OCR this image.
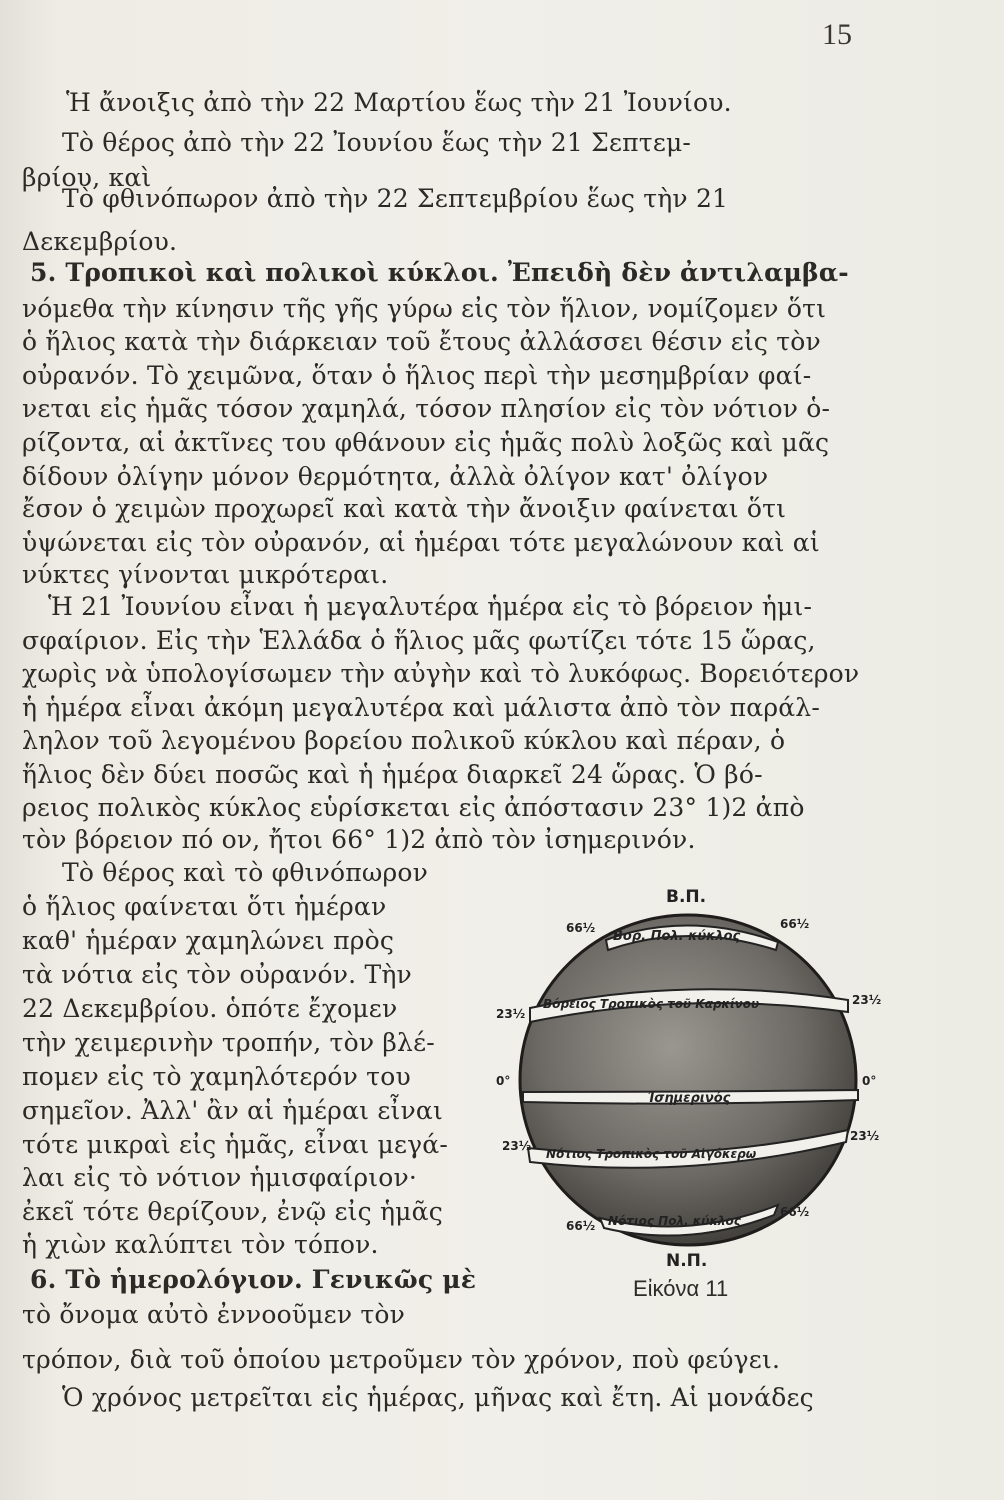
15
Ἡ ἄνοιξις ἀπὸ τὴν 22 Μαρτίου ἕως τὴν 21 Ἰουνίου.
Τὸ θέρος ἀπὸ τὴν 22 Ἰουνίου ἕως τὴν 21 Σεπτεμ-
βρίου, καὶ
Τὸ φθινόπωρον ἀπὸ τὴν 22 Σεπτεμβρίου ἕως τὴν 21
Δεκεμβρίου.
5. Τροπικοὶ καὶ πολικοὶ κύκλοι. Ἐπειδὴ δὲν ἀντιλαμβα-
νόμεθα τὴν κίνησιν τῆς γῆς γύρω εἰς τὸν ἥλιον, νομίζομεν ὅτι
ὁ ἥλιος κατὰ τὴν διάρκειαν τοῦ ἔτους ἀλλάσσει θέσιν εἰς τὸν
οὐρανόν. Τὸ χειμῶνα, ὅταν ὁ ἥλιος περὶ τὴν μεσημβρίαν φαί-
νεται εἰς ἡμᾶς τόσον χαμηλά, τόσον πλησίον εἰς τὸν νότιον ὁ-
ρίζοντα, αἱ ἀκτῖνες του φθάνουν εἰς ἡμᾶς πολὺ λοξῶς καὶ μᾶς
δίδουν ὀλίγην μόνον θερμότητα, ἀλλὰ ὀλίγον κατ' ὀλίγον
ἔσον ὁ χειμὼν προχωρεῖ καὶ κατὰ τὴν ἄνοιξιν φαίνεται ὅτι
ὑψώνεται εἰς τὸν οὐρανόν, αἱ ἡμέραι τότε μεγαλώνουν καὶ αἱ
νύκτες γίνονται μικρότεραι.
Ἡ 21 Ἰουνίου εἶναι ἡ μεγαλυτέρα ἡμέρα εἰς τὸ βόρειον ἡμι-
σφαίριον. Εἰς τὴν Ἑλλάδα ὁ ἥλιος μᾶς φωτίζει τότε 15 ὥρας,
χωρὶς νὰ ὑπολογίσωμεν τὴν αὐγὴν καὶ τὸ λυκόφως. Βορειότερον
ἡ ἡμέρα εἶναι ἀκόμη μεγαλυτέρα καὶ μάλιστα ἀπὸ τὸν παράλ-
ληλον τοῦ λεγομένου βορείου πολικοῦ κύκλου καὶ πέραν, ὁ
ἥλιος δὲν δύει ποσῶς καὶ ἡ ἡμέρα διαρκεῖ 24 ὥρας. Ὁ βό-
ρειος πολικὸς κύκλος εὑρίσκεται εἰς ἀπόστασιν 23° 1)2 ἀπὸ
τὸν βόρειον πό ον, ἤτοι 66° 1)2 ἀπὸ τὸν ἰσημερινόν.
Τὸ θέρος καὶ τὸ φθινόπωρον
ὁ ἥλιος φαίνεται ὅτι ἡμέραν
καθ' ἡμέραν χαμηλώνει πρὸς
τὰ νότια εἰς τὸν οὐρανόν. Τὴν
22 Δεκεμβρίου. ὁπότε ἔχομεν
τὴν χειμερινὴν τροπήν, τὸν βλέ-
πομεν εἰς τὸ χαμηλότερόν του
σημεῖον. Ἀλλ' ἂν αἱ ἡμέραι εἶναι
τότε μικραὶ εἰς ἡμᾶς, εἶναι μεγά-
λαι εἰς τὸ νότιον ἡμισφαίριον·
ἐκεῖ τότε θερίζουν, ἐνῷ εἰς ἡμᾶς
ἡ χιὼν καλύπτει τὸν τόπον.
6. Τὸ ἡμερολόγιον. Γενικῶς μὲ
τὸ ὄνομα αὐτὸ ἐννοοῦμεν τὸν
τρόπον, διὰ τοῦ ὁποίου μετροῦμεν τὸν χρόνον, ποὺ φεύγει.
Ὁ χρόνος μετρεῖται εἰς ἡμέρας, μῆνας καὶ ἔτη. Αἱ μονάδες
Βορ. Πολ. κύκλος
Βόρειος Τροπικὸς τοῦ Καρκίνου
Ἰσημερινός
Νότιος Τροπικὸς τοῦ Αἰγόκερω
Νότιος Πολ. κύκλος
Β.Π.
Ν.Π.
66½	66½
23½
23½
0°	0°
23½
23½
66½
66½
Εἰκόνα 11
